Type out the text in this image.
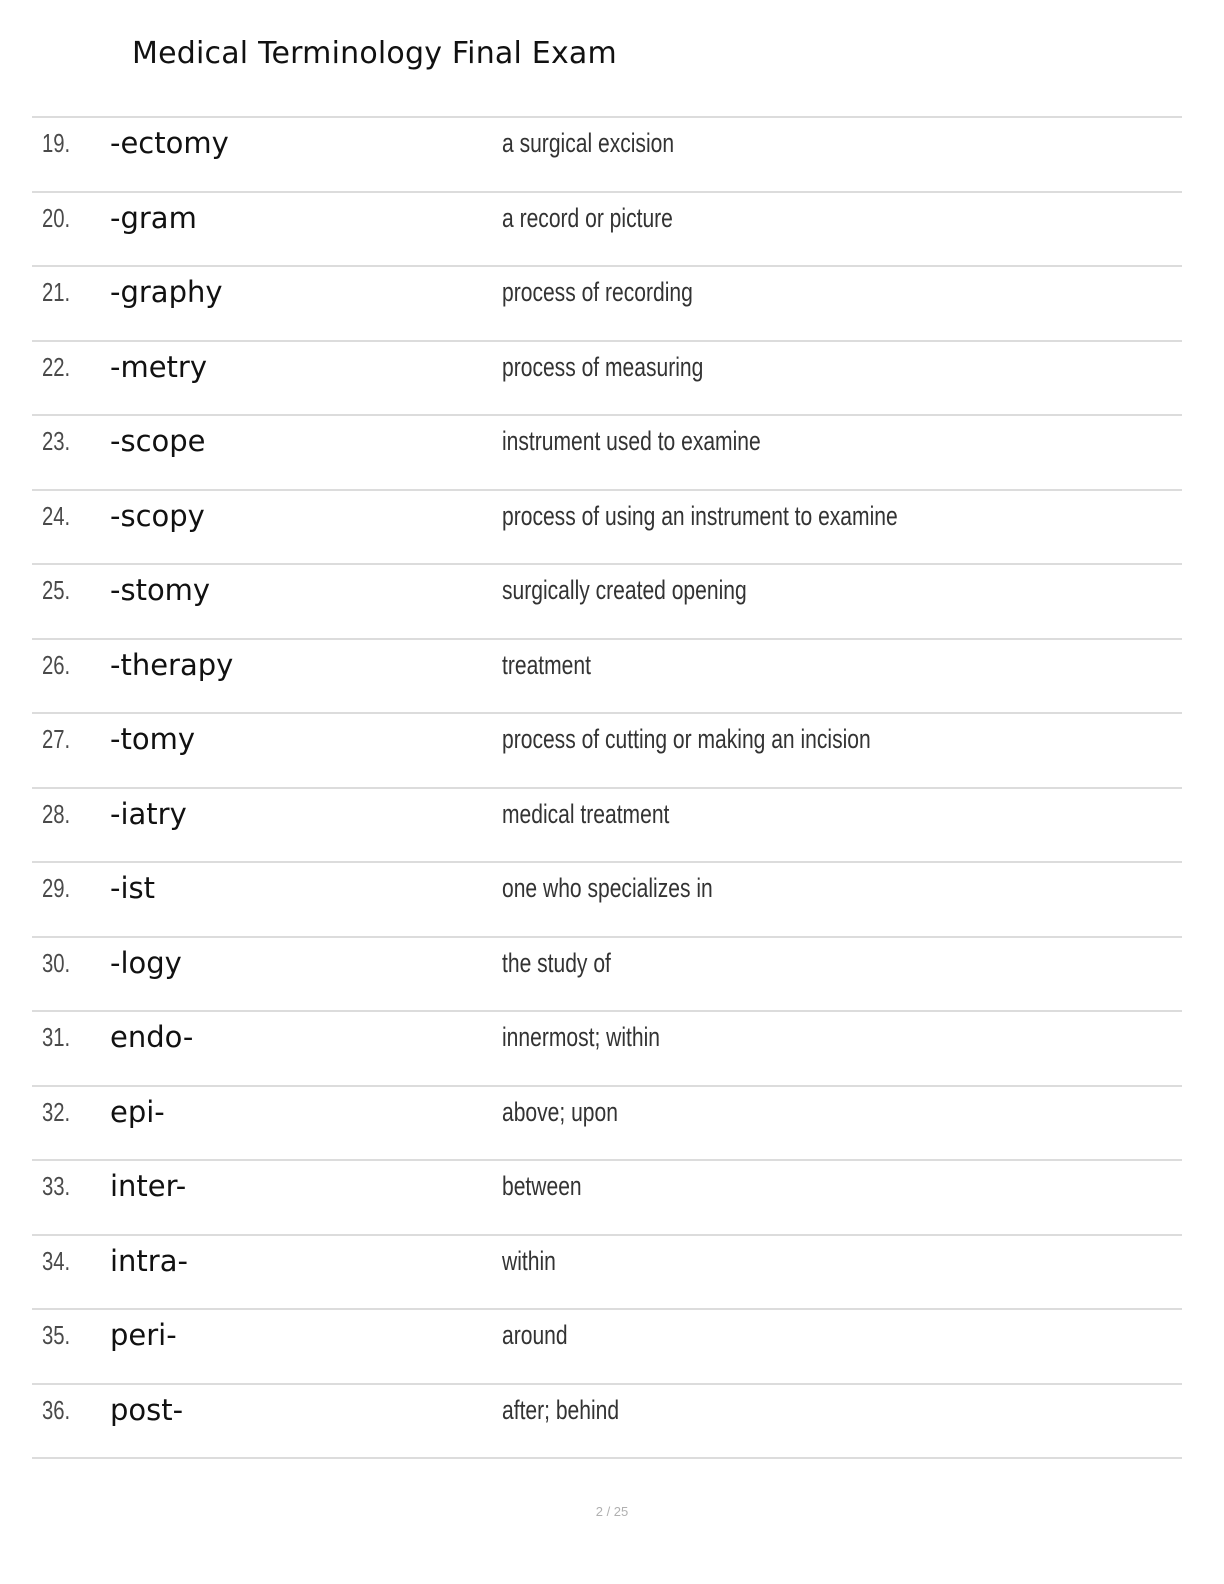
Medical Terminology Final Exam
19. -ectomy	a surgical excision
20. -gram	a record or picture
21. -graphy	process of recording
22. -metry	process of measuring
23. -scope	instrument used to examine
24. -scopy	process of using an instrument to examine
25. -stomy	surgically created opening
26. -therapy	treatment
27. -tomy	process of cutting or making an incision
28. -iatry	medical treatment
29. -ist	one who specializes in
30. -logy	the study of
31. endo-	innermost; within
32. epi-	above; upon
33. inter-	between
34. intra-	within
35. peri-	around
36. post-	after; behind
2 / 25
